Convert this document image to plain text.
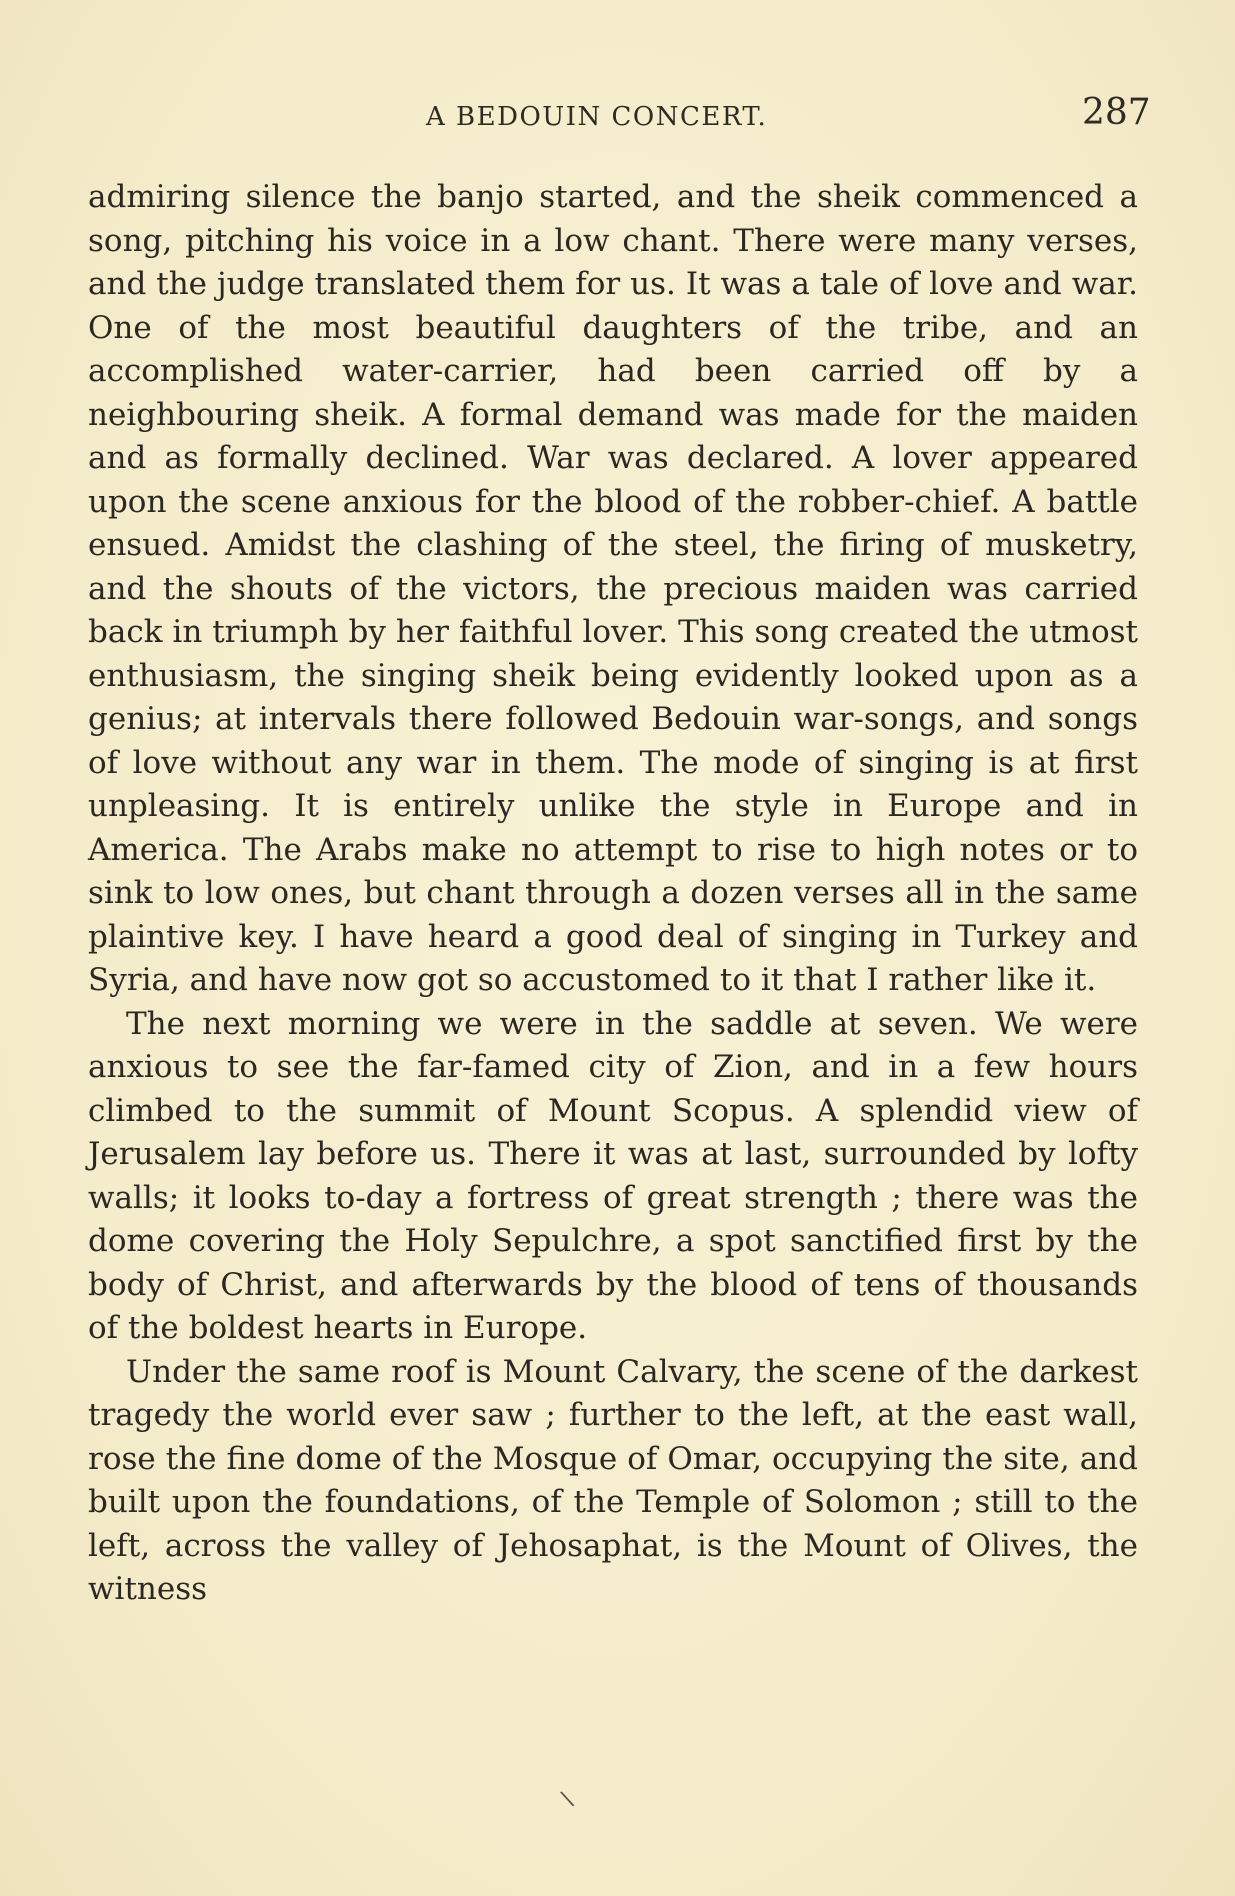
A BEDOUIN CONCERT.	287

admiring silence the banjo started, and the sheik commenced a song, pitching his voice in a low chant. There were many verses, and the judge translated them for us. It was a tale of love and war. One of the most beautiful daughters of the tribe, and an accomplished water-carrier, had been carried off by a neighbouring sheik. A formal demand was made for the maiden and as formally declined. War was declared. A lover appeared upon the scene anxious for the blood of the robber-chief. A battle ensued. Amidst the clashing of the steel, the firing of musketry, and the shouts of the victors, the precious maiden was carried back in triumph by her faithful lover. This song created the utmost enthusiasm, the singing sheik being evidently looked upon as a genius; at intervals there followed Bedouin war-songs, and songs of love without any war in them. The mode of singing is at first unpleasing. It is entirely unlike the style in Europe and in America. The Arabs make no attempt to rise to high notes or to sink to low ones, but chant through a dozen verses all in the same plaintive key. I have heard a good deal of singing in Turkey and Syria, and have now got so accustomed to it that I rather like it.

The next morning we were in the saddle at seven. We were anxious to see the far-famed city of Zion, and in a few hours climbed to the summit of Mount Scopus. A splendid view of Jerusalem lay before us. There it was at last, surrounded by lofty walls; it looks to-day a fortress of great strength ; there was the dome covering the Holy Sepulchre, a spot sanctified first by the body of Christ, and afterwards by the blood of tens of thousands of the boldest hearts in Europe.

Under the same roof is Mount Calvary, the scene of the darkest tragedy the world ever saw ; further to the left, at the east wall, rose the fine dome of the Mosque of Omar, occupying the site, and built upon the foundations, of the Temple of Solomon ; still to the left, across the valley of Jehosaphat, is the Mount of Olives, the witness

∖
